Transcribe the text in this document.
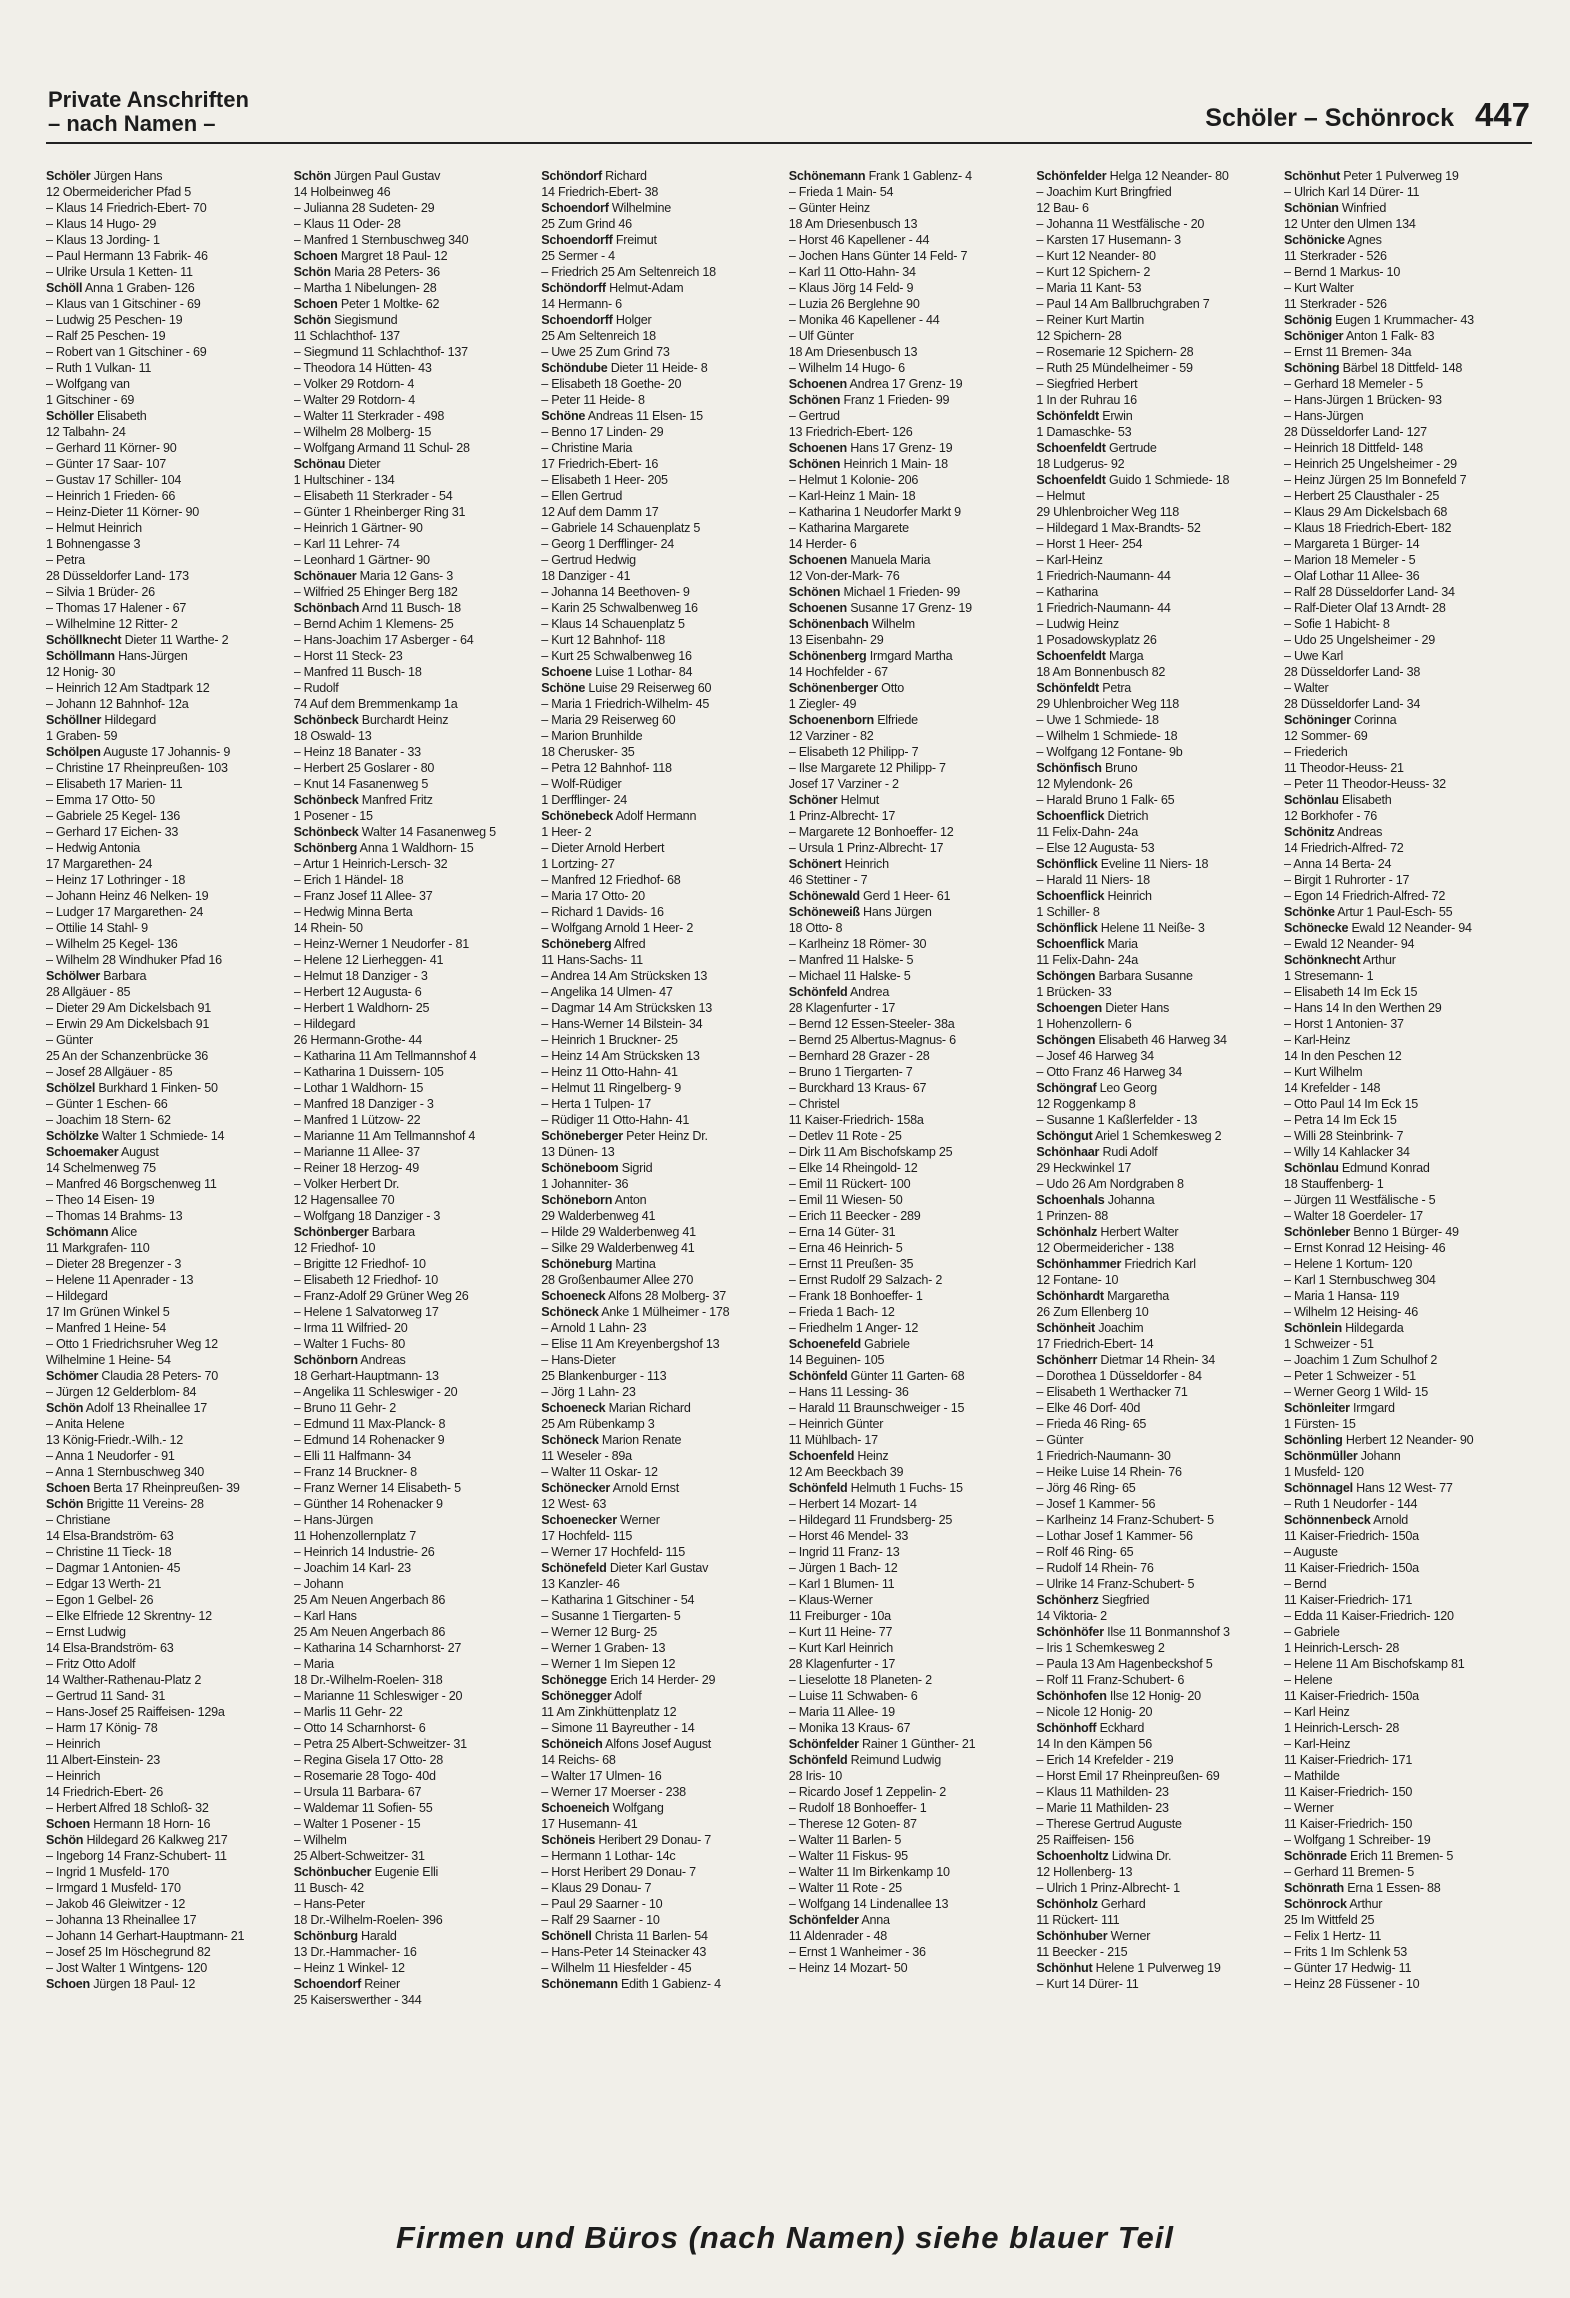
Private Anschriften
– nach Namen –	Schöler – Schönrock 447
Schöler Jürgen Hans
12 Obermeidericher Pfad 5
– Klaus 14 Friedrich-Ebert- 70
– Klaus 14 Hugo- 29
– Klaus 13 Jording- 1
– Paul Hermann 13 Fabrik- 46
– Ulrike Ursula 1 Ketten- 11
Schöll Anna 1 Graben- 126
– Klaus van 1 Gitschiner - 69
– Ludwig 25 Peschen- 19
– Ralf 25 Peschen- 19
– Robert van 1 Gitschiner - 69
– Ruth 1 Vulkan- 11
– Wolfgang van
1 Gitschiner - 69
Schöller Elisabeth
12 Talbahn- 24
– Gerhard 11 Körner- 90
– Günter 17 Saar- 107
– Gustav 17 Schiller- 104
– Heinrich 1 Frieden- 66
– Heinz-Dieter 11 Körner- 90
– Helmut Heinrich
1 Bohnengasse 3
– Petra
28 Düsseldorfer Land- 173
– Silvia 1 Brüder- 26
– Thomas 17 Halener - 67
– Wilhelmine 12 Ritter- 2
Schöllknecht Dieter 11 Warthe- 2
Schöllmann Hans-Jürgen
12 Honig- 30
– Heinrich 12 Am Stadtpark 12
– Johann 12 Bahnhof- 12a
Schöllner Hildegard
1 Graben- 59
Schölpen Auguste 17 Johannis- 9
– Christine 17 Rheinpreußen- 103
– Elisabeth 17 Marien- 11
– Emma 17 Otto- 50
– Gabriele 25 Kegel- 136
– Gerhard 17 Eichen- 33
– Hedwig Antonia
17 Margarethen- 24
– Heinz 17 Lothringer - 18
– Johann Heinz 46 Nelken- 19
– Ludger 17 Margarethen- 24
– Ottilie 14 Stahl- 9
– Wilhelm 25 Kegel- 136
– Wilhelm 28 Windhuker Pfad 16
Schölwer Barbara
28 Allgäuer - 85
– Dieter 29 Am Dickelsbach 91
– Erwin 29 Am Dickelsbach 91
– Günter
25 An der Schanzenbrücke 36
– Josef 28 Allgäuer - 85
Schölzel Burkhard 1 Finken- 50
– Günter 1 Eschen- 66
– Joachim 18 Stern- 62
Schölzke Walter 1 Schmiede- 14
Schoemaker August
14 Schelmenweg 75
– Manfred 46 Borgschenweg 11
– Theo 14 Eisen- 19
– Thomas 14 Brahms- 13
Schömann Alice
11 Markgrafen- 110
– Dieter 28 Bregenzer - 3
– Helene 11 Apenrader - 13
– Hildegard
17 Im Grünen Winkel 5
– Manfred 1 Heine- 54
– Otto 1 Friedrichsruher Weg 12
Wilhelmine 1 Heine- 54
Schömer Claudia 28 Peters- 70
– Jürgen 12 Gelderblom- 84
Schön Adolf 13 Rheinallee 17
– Anita Helene
13 König-Friedr.-Wilh.- 12
– Anna 1 Neudorfer - 91
– Anna 1 Sternbuschweg 340
Schoen Berta 17 Rheinpreußen- 39
Schön Brigitte 11 Vereins- 28
– Christiane
14 Elsa-Brandström- 63
– Christine 11 Tieck- 18
– Dagmar 1 Antonien- 45
– Edgar 13 Werth- 21
– Egon 1 Gelbel- 26
– Elke Elfriede 12 Skrentny- 12
– Ernst Ludwig
14 Elsa-Brandström- 63
– Fritz Otto Adolf
14 Walther-Rathenau-Platz 2
– Gertrud 11 Sand- 31
– Hans-Josef 25 Raiffeisen- 129a
– Harm 17 König- 78
– Heinrich
11 Albert-Einstein- 23
– Heinrich
14 Friedrich-Ebert- 26
– Herbert Alfred 18 Schloß- 32
Schoen Hermann 18 Horn- 16
Schön Hildegard 26 Kalkweg 217
– Ingeborg 14 Franz-Schubert- 11
– Ingrid 1 Musfeld- 170
– Irmgard 1 Musfeld- 170
– Jakob 46 Gleiwitzer - 12
– Johanna 13 Rheinallee 17
– Johann 14 Gerhart-Hauptmann- 21
– Josef 25 Im Höschegrund 82
– Jost Walter 1 Wintgens- 120
Schoen Jürgen 18 Paul- 12
Schön Jürgen Paul Gustav
14 Holbeinweg 46
– Julianna 28 Sudeten- 29
– Klaus 11 Oder- 28
– Manfred 1 Sternbuschweg 340
Schoen Margret 18 Paul- 12
Schön Maria 28 Peters- 36
– Martha 1 Nibelungen- 28
Schoen Peter 1 Moltke- 62
Schön Siegismund
11 Schlachthof- 137
– Siegmund 11 Schlachthof- 137
– Theodora 14 Hütten- 43
– Volker 29 Rotdorn- 4
– Walter 29 Rotdorn- 4
– Walter 11 Sterkrader - 498
– Wilhelm 28 Molberg- 15
– Wolfgang Armand 11 Schul- 28
Schönau Dieter
1 Hultschiner - 134
– Elisabeth 11 Sterkrader - 54
– Günter 1 Rheinberger Ring 31
– Heinrich 1 Gärtner- 90
– Karl 11 Lehrer- 74
– Leonhard 1 Gärtner- 90
Schönauer Maria 12 Gans- 3
– Wilfried 25 Ehinger Berg 182
Schönbach Arnd 11 Busch- 18
– Bernd Achim 1 Klemens- 25
– Hans-Joachim 17 Asberger - 64
– Horst 11 Steck- 23
– Manfred 11 Busch- 18
– Rudolf
74 Auf dem Bremmenkamp 1a
Schönbeck Burchardt Heinz
18 Oswald- 13
– Heinz 18 Banater - 33
– Herbert 25 Goslarer - 80
– Knut 14 Fasanenweg 5
Schönbeck Manfred Fritz
1 Posener - 15
Schönbeck Walter 14 Fasanenweg 5
Schönberg Anna 1 Waldhorn- 15
– Artur 1 Heinrich-Lersch- 32
– Erich 1 Händel- 18
– Franz Josef 11 Allee- 37
– Hedwig Minna Berta
14 Rhein- 50
– Heinz-Werner 1 Neudorfer - 81
– Helene 12 Lierheggen- 41
– Helmut 18 Danziger - 3
– Herbert 12 Augusta- 6
– Herbert 1 Waldhorn- 25
– Hildegard
26 Hermann-Grothe- 44
– Katharina 11 Am Tellmannshof 4
– Katharina 1 Duissern- 105
– Lothar 1 Waldhorn- 15
– Manfred 18 Danziger - 3
– Manfred 1 Lützow- 22
– Marianne 11 Am Tellmannshof 4
– Marianne 11 Allee- 37
– Reiner 18 Herzog- 49
– Volker Herbert Dr.
12 Hagensallee 70
– Wolfgang 18 Danziger - 3
Schönberger Barbara
12 Friedhof- 10
– Brigitte 12 Friedhof- 10
– Elisabeth 12 Friedhof- 10
– Franz-Adolf 29 Grüner Weg 26
– Helene 1 Salvatorweg 17
– Irma 11 Wilfried- 20
– Walter 1 Fuchs- 80
Schönborn Andreas
18 Gerhart-Hauptmann- 13
– Angelika 11 Schleswiger - 20
– Bruno 11 Gehr- 2
– Edmund 11 Max-Planck- 8
– Edmund 14 Rohenacker 9
– Elli 11 Halfmann- 34
– Franz 14 Bruckner- 8
– Franz Werner 14 Elisabeth- 5
– Günther 14 Rohenacker 9
– Hans-Jürgen
11 Hohenzollernplatz 7
– Heinrich 14 Industrie- 26
– Joachim 14 Karl- 23
– Johann
25 Am Neuen Angerbach 86
– Karl Hans
25 Am Neuen Angerbach 86
– Katharina 14 Scharnhorst- 27
– Maria
18 Dr.-Wilhelm-Roelen- 318
– Marianne 11 Schleswiger - 20
– Marlis 11 Gehr- 22
– Otto 14 Scharnhorst- 6
– Petra 25 Albert-Schweitzer- 31
– Regina Gisela 17 Otto- 28
– Rosemarie 28 Togo- 40d
– Ursula 11 Barbara- 67
– Waldemar 11 Sofien- 55
– Walter 1 Posener - 15
– Wilhelm
25 Albert-Schweitzer- 31
Schönbucher Eugenie Elli
11 Busch- 42
– Hans-Peter
18 Dr.-Wilhelm-Roelen- 396
Schönburg Harald
13 Dr.-Hammacher- 16
– Heinz 1 Winkel- 12
Schoendorf Reiner
25 Kaiserswerther - 344
Schöndorf Richard
14 Friedrich-Ebert- 38
Schoendorf Wilhelmine
25 Zum Grind 46
Schoendorff Freimut
25 Sermer - 4
– Friedrich 25 Am Seltenreich 18
Schöndorff Helmut-Adam
14 Hermann- 6
Schoendorff Holger
25 Am Seltenreich 18
– Uwe 25 Zum Grind 73
Schöndube Dieter 11 Heide- 8
– Elisabeth 18 Goethe- 20
– Peter 11 Heide- 8
Schöne Andreas 11 Elsen- 15
– Benno 17 Linden- 29
– Christine Maria
17 Friedrich-Ebert- 16
– Elisabeth 1 Heer- 205
– Ellen Gertrud
12 Auf dem Damm 17
– Gabriele 14 Schauenplatz 5
– Georg 1 Derfflinger- 24
– Gertrud Hedwig
18 Danziger - 41
– Johanna 14 Beethoven- 9
– Karin 25 Schwalbenweg 16
– Klaus 14 Schauenplatz 5
– Kurt 12 Bahnhof- 118
– Kurt 25 Schwalbenweg 16
Schoene Luise 1 Lothar- 84
Schöne Luise 29 Reiserweg 60
– Maria 1 Friedrich-Wilhelm- 45
– Maria 29 Reiserweg 60
– Marion Brunhilde
18 Cherusker- 35
– Petra 12 Bahnhof- 118
– Wolf-Rüdiger
1 Derfflinger- 24
Schönebeck Adolf Hermann
1 Heer- 2
– Dieter Arnold Herbert
1 Lortzing- 27
– Manfred 12 Friedhof- 68
– Maria 17 Otto- 20
– Richard 1 Davids- 16
– Wolfgang Arnold 1 Heer- 2
Schöneberg Alfred
11 Hans-Sachs- 11
– Andrea 14 Am Strücksken 13
– Angelika 14 Ulmen- 47
– Dagmar 14 Am Strücksken 13
– Hans-Werner 14 Bilstein- 34
– Heinrich 1 Bruckner- 25
– Heinz 14 Am Strücksken 13
– Heinz 11 Otto-Hahn- 41
– Helmut 11 Ringelberg- 9
– Herta 1 Tulpen- 17
– Rüdiger 11 Otto-Hahn- 41
Schöneberger Peter Heinz Dr.
13 Dünen- 13
Schöneboom Sigrid
1 Johanniter- 36
Schöneborn Anton
29 Walderbenweg 41
– Hilde 29 Walderbenweg 41
– Silke 29 Walderbenweg 41
Schöneburg Martina
28 Großenbaumer Allee 270
Schoeneck Alfons 28 Molberg- 37
Schöneck Anke 1 Mülheimer - 178
– Arnold 1 Lahn- 23
– Elise 11 Am Kreyenbergshof 13
– Hans-Dieter
25 Blankenburger - 113
– Jörg 1 Lahn- 23
Schoeneck Marian Richard
25 Am Rübenkamp 3
Schöneck Marion Renate
11 Weseler - 89a
– Walter 11 Oskar- 12
Schönecker Arnold Ernst
12 West- 63
Schoenecker Werner
17 Hochfeld- 115
– Werner 17 Hochfeld- 115
Schönefeld Dieter Karl Gustav
13 Kanzler- 46
– Katharina 1 Gitschiner - 54
– Susanne 1 Tiergarten- 5
– Werner 12 Burg- 25
– Werner 1 Graben- 13
– Werner 1 Im Siepen 12
Schöneggе Erich 14 Herder- 29
Schönegger Adolf
11 Am Zinkhüttenplatz 12
– Simone 11 Bayreuther - 14
Schöneich Alfons Josef August
14 Reichs- 68
– Walter 17 Ulmen- 16
– Werner 17 Moerser - 238
Schoeneich Wolfgang
17 Husemann- 41
Schöneis Heribert 29 Donau- 7
– Hermann 1 Lothar- 14c
– Horst Heribert 29 Donau- 7
– Klaus 29 Donau- 7
– Paul 29 Saarner - 10
– Ralf 29 Saarner - 10
Schönell Christa 11 Barlen- 54
– Hans-Peter 14 Steinacker 43
– Wilhelm 11 Hiesfelder - 45
Schönemann Edith 1 Gabienz- 4
Schönemann Frank 1 Gablenz- 4
– Frieda 1 Main- 54
– Günter Heinz
18 Am Driesenbusch 13
– Horst 46 Kapellener - 44
– Jochen Hans Günter 14 Feld- 7
– Karl 11 Otto-Hahn- 34
– Klaus Jörg 14 Feld- 9
– Luzia 26 Berglehne 90
– Monika 46 Kapellener - 44
– Ulf Günter
18 Am Driesenbusch 13
– Wilhelm 14 Hugo- 6
Schoenen Andrea 17 Grenz- 19
Schönen Franz 1 Frieden- 99
– Gertrud
13 Friedrich-Ebert- 126
Schoenen Hans 17 Grenz- 19
Schönen Heinrich 1 Main- 18
– Helmut 1 Kolonie- 206
– Karl-Heinz 1 Main- 18
– Katharina 1 Neudorfer Markt 9
– Katharina Margarete
14 Herder- 6
Schoenen Manuela Maria
12 Von-der-Mark- 76
Schönen Michael 1 Frieden- 99
Schoenen Susanne 17 Grenz- 19
Schönenbach Wilhelm
13 Eisenbahn- 29
Schönenberg Irmgard Martha
14 Hochfelder - 67
Schönenberger Otto
1 Ziegler- 49
Schoenenborn Elfriede
12 Varziner - 82
– Elisabeth 12 Philipp- 7
– Ilse Margarete 12 Philipp- 7
Josef 17 Varziner - 2
Schöner Helmut
1 Prinz-Albrecht- 17
– Margarete 12 Bonhoeffer- 12
– Ursula 1 Prinz-Albrecht- 17
Schönert Heinrich
46 Stettiner - 7
Schönewald Gerd 1 Heer- 61
Schöneweiß Hans Jürgen
18 Otto- 8
– Karlheinz 18 Römer- 30
– Manfred 11 Halske- 5
– Michael 11 Halske- 5
Schönfeld Andrea
28 Klagenfurter - 17
– Bernd 12 Essen-Steeler- 38a
– Bernd 25 Albertus-Magnus- 6
– Bernhard 28 Grazer - 28
– Bruno 1 Tiergarten- 7
– Burckhard 13 Kraus- 67
– Christel
11 Kaiser-Friedrich- 158a
– Detlev 11 Rote - 25
– Dirk 11 Am Bischofskamp 25
– Elke 14 Rheingold- 12
– Emil 11 Rückert- 100
– Emil 11 Wiesen- 50
– Erich 11 Beecker - 289
– Erna 14 Güter- 31
– Erna 46 Heinrich- 5
– Ernst 11 Preußen- 35
– Ernst Rudolf 29 Salzach- 2
– Frank 18 Bonhoeffer- 1
– Frieda 1 Bach- 12
– Friedhelm 1 Anger- 12
Schoenefeld Gabriele
14 Beguinen- 105
Schönfeld Günter 11 Garten- 68
– Hans 11 Lessing- 36
– Harald 11 Braunschweiger - 15
– Heinrich Günter
11 Mühlbach- 17
Schoenfeld Heinz
12 Am Beeckbach 39
Schönfeld Helmuth 1 Fuchs- 15
– Herbert 14 Mozart- 14
– Hildegard 11 Frundsberg- 25
– Horst 46 Mendel- 33
– Ingrid 11 Franz- 13
– Jürgen 1 Bach- 12
– Karl 1 Blumen- 11
– Klaus-Werner
11 Freiburger - 10a
– Kurt 11 Heine- 77
– Kurt Karl Heinrich
28 Klagenfurter - 17
– Lieselotte 18 Planeten- 2
– Luise 11 Schwaben- 6
– Maria 11 Allee- 19
– Monika 13 Kraus- 67
Schönfelder Rainer 1 Günther- 21
Schönfeld Reimund Ludwig
28 Iris- 10
– Ricardo Josef 1 Zeppelin- 2
– Rudolf 18 Bonhoeffer- 1
– Therese 12 Goten- 87
– Walter 11 Barlen- 5
– Walter 11 Fiskus- 95
– Walter 11 Im Birkenkamp 10
– Walter 11 Rote - 25
– Wolfgang 14 Lindenallee 13
Schönfelder Anna
11 Aldenrader - 48
– Ernst 1 Wanheimer - 36
– Heinz 14 Mozart- 50
Schönfelder Helga 12 Neander- 80
– Joachim Kurt Bringfried
12 Bau- 6
– Johanna 11 Westfälische - 20
– Karsten 17 Husemann- 3
– Kurt 12 Neander- 80
– Kurt 12 Spichern- 2
– Maria 11 Kant- 53
– Paul 14 Am Ballbruchgraben 7
– Reiner Kurt Martin
12 Spichern- 28
– Rosemarie 12 Spichern- 28
– Ruth 25 Mündelheimer - 59
– Siegfried Herbert
1 In der Ruhrau 16
Schönfeldt Erwin
1 Damaschke- 53
Schoenfeldt Gertrude
18 Ludgerus- 92
Schoenfeldt Guido 1 Schmiede- 18
– Helmut
29 Uhlenbroicher Weg 118
– Hildegard 1 Max-Brandts- 52
– Horst 1 Heer- 254
– Karl-Heinz
1 Friedrich-Naumann- 44
– Katharina
1 Friedrich-Naumann- 44
– Ludwig Heinz
1 Posadowskyplatz 26
Schoenfeldt Marga
18 Am Bonnenbusch 82
Schönfeldt Petra
29 Uhlenbroicher Weg 118
– Uwe 1 Schmiede- 18
– Wilhelm 1 Schmiede- 18
– Wolfgang 12 Fontane- 9b
Schönfisch Bruno
12 Mylendonk- 26
– Harald Bruno 1 Falk- 65
Schoenflick Dietrich
11 Felix-Dahn- 24a
– Else 12 Augusta- 53
Schönflick Eveline 11 Niers- 18
– Harald 11 Niers- 18
Schoenflick Heinrich
1 Schiller- 8
Schönflick Helene 11 Neiße- 3
Schoenflick Maria
11 Felix-Dahn- 24a
Schöngen Barbara Susanne
1 Brücken- 33
Schoengen Dieter Hans
1 Hohenzollern- 6
Schöngen Elisabeth 46 Harweg 34
– Josef 46 Harweg 34
– Otto Franz 46 Harweg 34
Schöngraf Leo Georg
12 Roggenkamp 8
– Susanne 1 Kaßlerfelder - 13
Schöngut Ariel 1 Schemkesweg 2
Schönhaar Rudi Adolf
29 Heckwinkel 17
– Udo 26 Am Nordgraben 8
Schoenhals Johanna
1 Prinzen- 88
Schönhalz Herbert Walter
12 Obermeidericher - 138
Schönhammer Friedrich Karl
12 Fontane- 10
Schönhardt Margaretha
26 Zum Ellenberg 10
Schönheit Joachim
17 Friedrich-Ebert- 14
Schönherr Dietmar 14 Rhein- 34
– Dorothea 1 Düsseldorfer - 84
– Elisabeth 1 Werthacker 71
– Elke 46 Dorf- 40d
– Frieda 46 Ring- 65
– Günter
1 Friedrich-Naumann- 30
– Heike Luise 14 Rhein- 76
– Jörg 46 Ring- 65
– Josef 1 Kammer- 56
– Karlheinz 14 Franz-Schubert- 5
– Lothar Josef 1 Kammer- 56
– Rolf 46 Ring- 65
– Rudolf 14 Rhein- 76
– Ulrike 14 Franz-Schubert- 5
Schönherz Siegfried
14 Viktoria- 2
Schönhöfer Ilse 11 Bonmannshof 3
– Iris 1 Schemkesweg 2
– Paula 13 Am Hagenbeckshof 5
– Rolf 11 Franz-Schubert- 6
Schönhofen Ilse 12 Honig- 20
– Nicole 12 Honig- 20
Schönhoff Eckhard
14 In den Kämpen 56
– Erich 14 Krefelder - 219
– Horst Emil 17 Rheinpreußen- 69
– Klaus 11 Mathilden- 23
– Marie 11 Mathilden- 23
– Therese Gertrud Auguste
25 Raiffeisen- 156
Schoenholtz Lidwina Dr.
12 Hollenberg- 13
– Ulrich 1 Prinz-Albrecht- 1
Schönholz Gerhard
11 Rückert- 111
Schönhuber Werner
11 Beecker - 215
Schönhut Helene 1 Pulverweg 19
– Kurt 14 Dürer- 11
Schönhut Peter 1 Pulverweg 19
– Ulrich Karl 14 Dürer- 11
Schönian Winfried
12 Unter den Ulmen 134
Schönicke Agnes
11 Sterkrader - 526
– Bernd 1 Markus- 10
– Kurt Walter
11 Sterkrader - 526
Schönig Eugen 1 Krummacher- 43
Schöniger Anton 1 Falk- 83
– Ernst 11 Bremen- 34a
Schöning Bärbel 18 Dittfeld- 148
– Gerhard 18 Memeler - 5
– Hans-Jürgen 1 Brücken- 93
– Hans-Jürgen
28 Düsseldorfer Land- 127
– Heinrich 18 Dittfeld- 148
– Heinrich 25 Ungelsheimer - 29
– Heinz Jürgen 25 Im Bonnefeld 7
– Herbert 25 Clausthaler - 25
– Klaus 29 Am Dickelsbach 68
– Klaus 18 Friedrich-Ebert- 182
– Margareta 1 Bürger- 14
– Marion 18 Memeler - 5
– Olaf Lothar 11 Allee- 36
– Ralf 28 Düsseldorfer Land- 34
– Ralf-Dieter Olaf 13 Arndt- 28
– Sofie 1 Habicht- 8
– Udo 25 Ungelsheimer - 29
– Uwe Karl
28 Düsseldorfer Land- 38
– Walter
28 Düsseldorfer Land- 34
Schöninger Corinna
12 Sommer- 69
– Friederich
11 Theodor-Heuss- 21
– Peter 11 Theodor-Heuss- 32
Schönlau Elisabeth
12 Borkhofer - 76
Schönitz Andreas
14 Friedrich-Alfred- 72
– Anna 14 Berta- 24
– Birgit 1 Ruhrorter - 17
– Egon 14 Friedrich-Alfred- 72
Schönke Artur 1 Paul-Esch- 55
Schönecke Ewald 12 Neander- 94
– Ewald 12 Neander- 94
Schönknecht Arthur
1 Stresemann- 1
– Elisabeth 14 Im Eck 15
– Hans 14 In den Werthen 29
– Horst 1 Antonien- 37
– Karl-Heinz
14 In den Peschen 12
– Kurt Wilhelm
14 Krefelder - 148
– Otto Paul 14 Im Eck 15
– Petra 14 Im Eck 15
– Willi 28 Steinbrink- 7
– Willy 14 Kahlacker 34
Schönlau Edmund Konrad
18 Stauffenberg- 1
– Jürgen 11 Westfälische - 5
– Walter 18 Goerdeler- 17
Schönleber Benno 1 Bürger- 49
– Ernst Konrad 12 Heising- 46
– Helene 1 Kortum- 120
– Karl 1 Sternbuschweg 304
– Maria 1 Hansa- 119
– Wilhelm 12 Heising- 46
Schönlein Hildegarda
1 Schweizer - 51
– Joachim 1 Zum Schulhof 2
– Peter 1 Schweizer - 51
– Werner Georg 1 Wild- 15
Schönleiter Irmgard
1 Fürsten- 15
Schönling Herbert 12 Neander- 90
Schönmüller Johann
1 Musfeld- 120
Schönnagel Hans 12 West- 77
– Ruth 1 Neudorfer - 144
Schönnenbeck Arnold
11 Kaiser-Friedrich- 150a
– Auguste
11 Kaiser-Friedrich- 150a
– Bernd
11 Kaiser-Friedrich- 171
– Edda 11 Kaiser-Friedrich- 120
– Gabriele
1 Heinrich-Lersch- 28
– Helene 11 Am Bischofskamp 81
– Helene
11 Kaiser-Friedrich- 150a
– Karl Heinz
1 Heinrich-Lersch- 28
– Karl-Heinz
11 Kaiser-Friedrich- 171
– Mathilde
11 Kaiser-Friedrich- 150
– Werner
11 Kaiser-Friedrich- 150
– Wolfgang 1 Schreiber- 19
Schönrade Erich 11 Bremen- 5
– Gerhard 11 Bremen- 5
Schönrath Erna 1 Essen- 88
Schönrock Arthur
25 Im Wittfeld 25
– Felix 1 Hertz- 11
– Frits 1 Im Schlenk 53
– Günter 17 Hedwig- 11
– Heinz 28 Füssener - 10
Firmen und Büros (nach Namen) siehe blauer Teil
